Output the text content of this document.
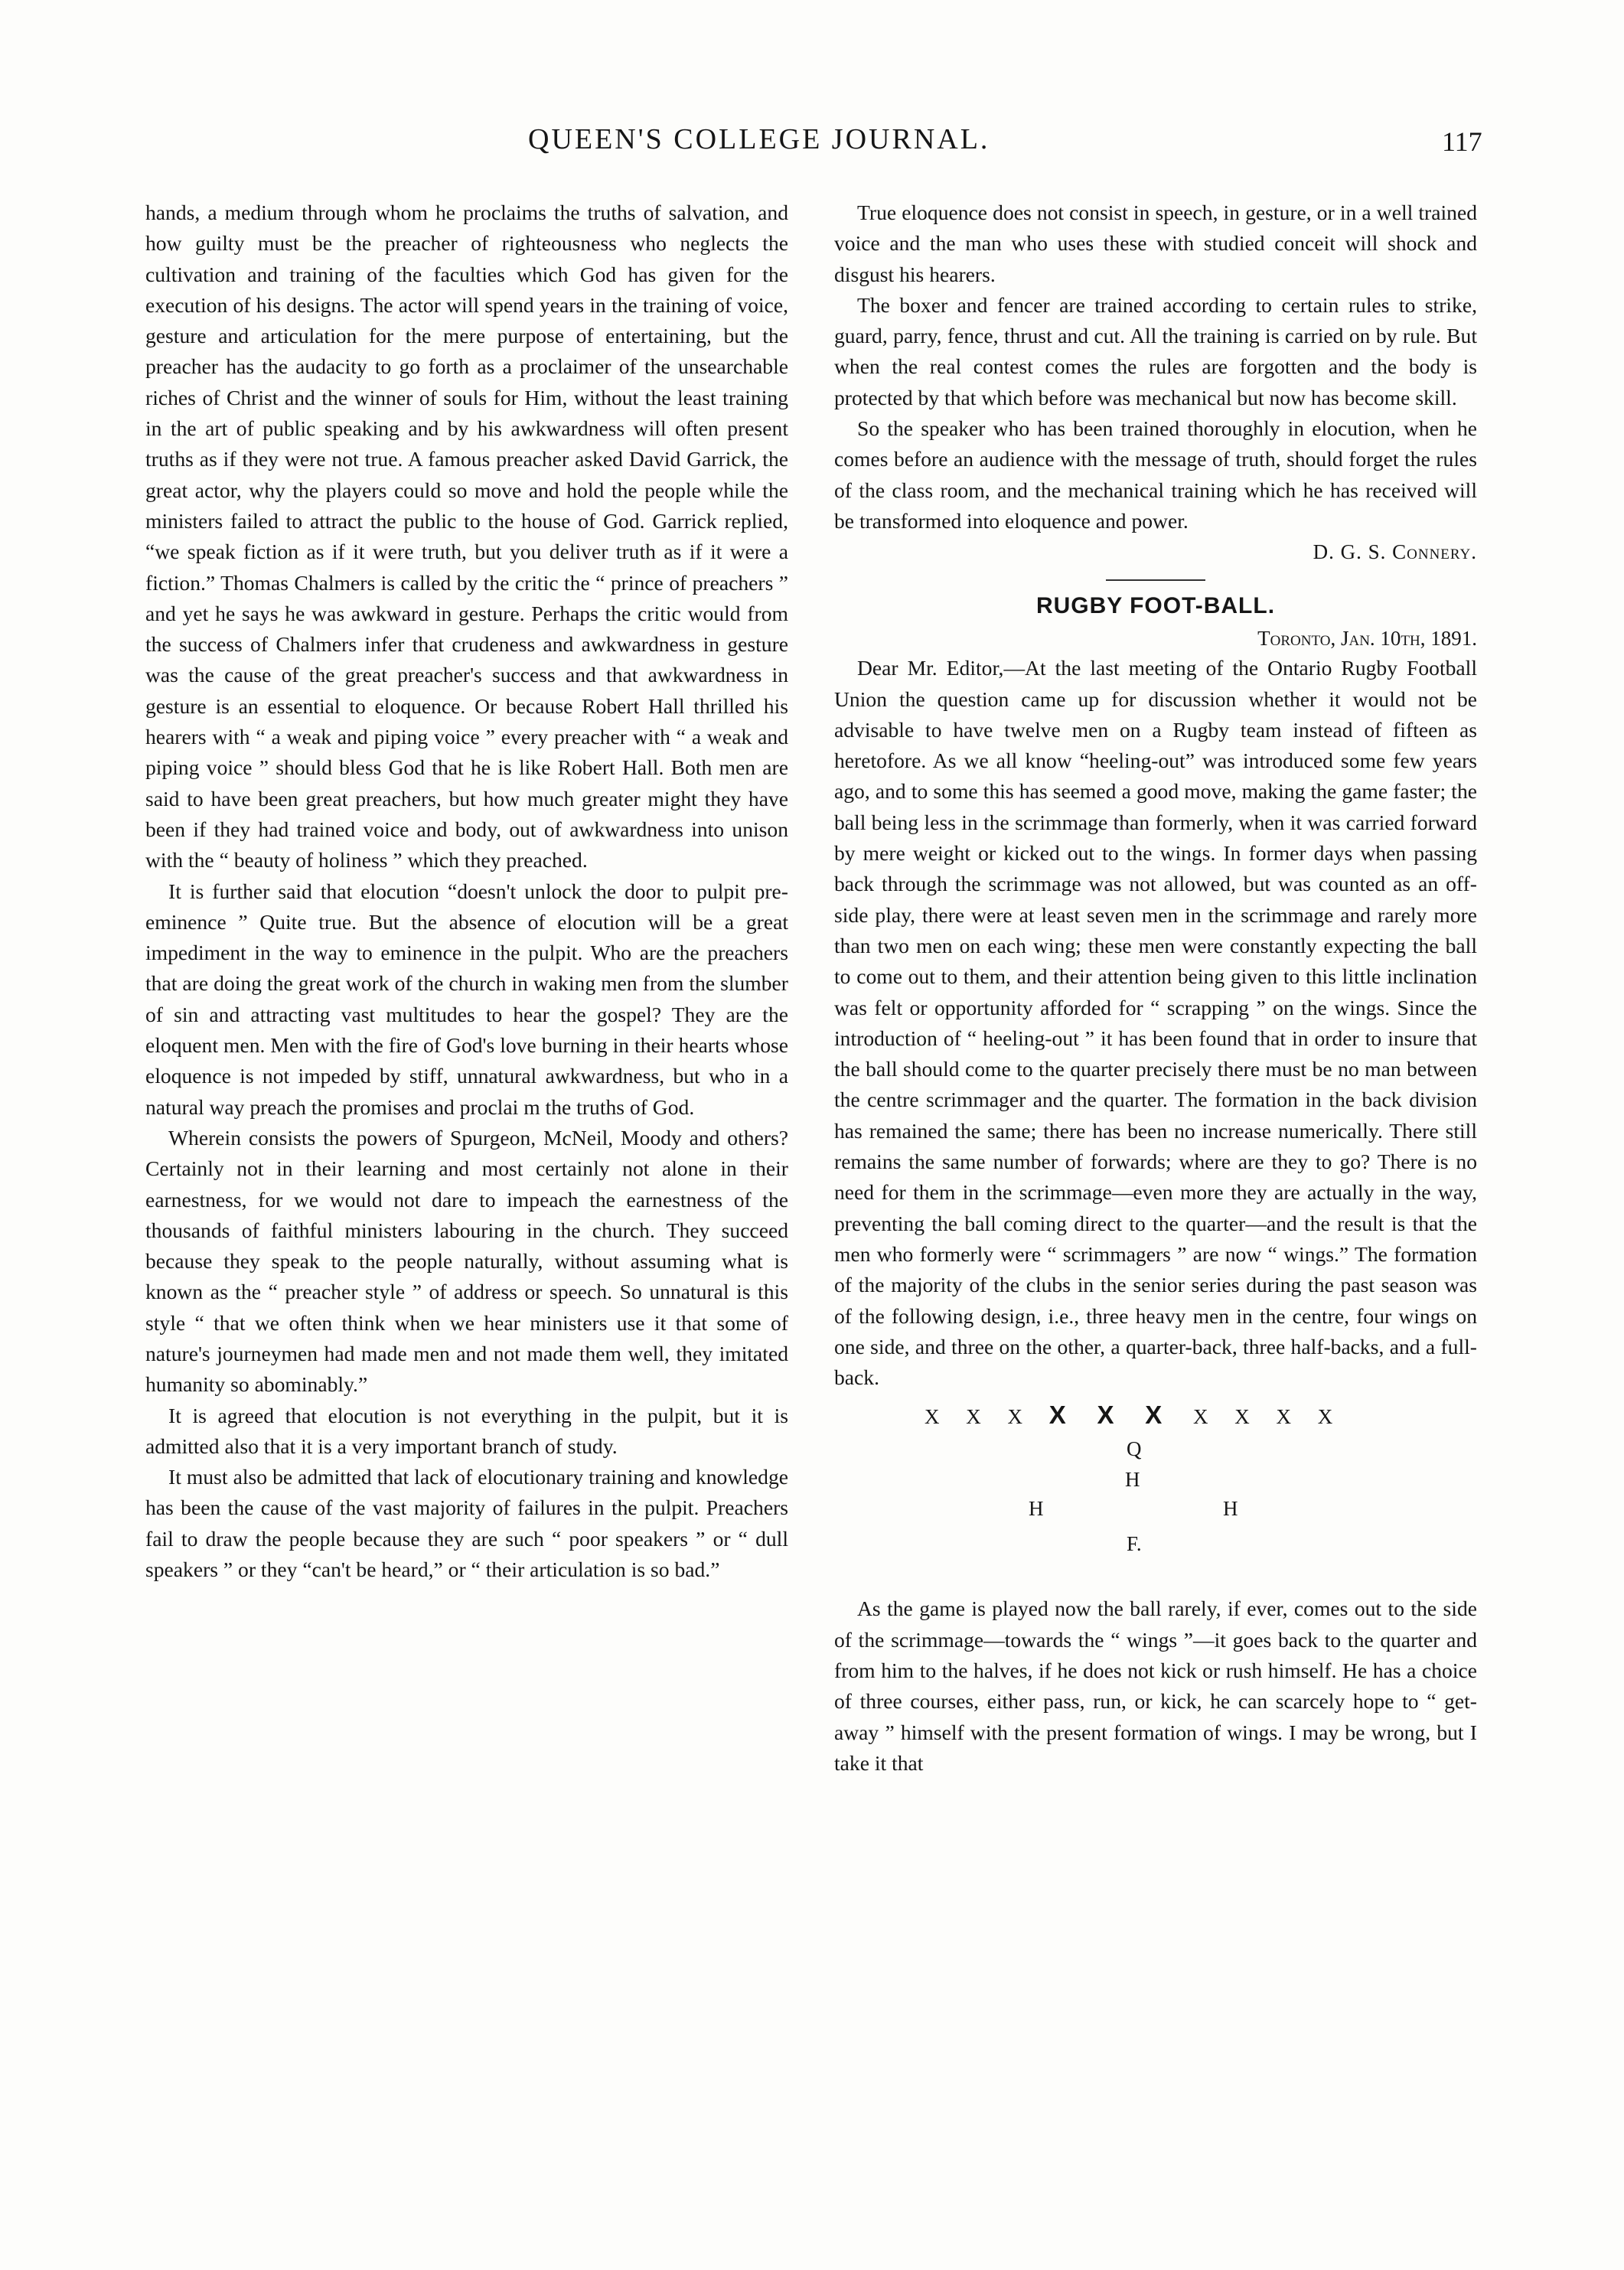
QUEEN'S COLLEGE JOURNAL.	117

hands, a medium through whom he proclaims the truths of salvation, and how guilty must be the preacher of righteousness who neglects the cultivation and training of the faculties which God has given for the execution of his designs. The actor will spend years in the training of voice, gesture and articulation for the mere purpose of entertaining, but the preacher has the audacity to go forth as a proclaimer of the unsearchable riches of Christ and the winner of souls for Him, without the least training in the art of public speaking and by his awkwardness will often present truths as if they were not true. A famous preacher asked David Garrick, the great actor, why the players could so move and hold the people while the ministers failed to attract the public to the house of God. Garrick replied, “we speak fiction as if it were truth, but you deliver truth as if it were a fiction.” Thomas Chalmers is called by the critic the “ prince of preachers ” and yet he says he was awkward in gesture. Perhaps the critic would from the success of Chalmers infer that crudeness and awkwardness in gesture was the cause of the great preacher's success and that awkwardness in gesture is an essential to eloquence. Or because Robert Hall thrilled his hearers with “ a weak and piping voice ” every preacher with “ a weak and piping voice ” should bless God that he is like Robert Hall. Both men are said to have been great preachers, but how much greater might they have been if they had trained voice and body, out of awkwardness into unison with the “ beauty of holiness ” which they preached.

It is further said that elocution “doesn't unlock the door to pulpit pre-eminence ” Quite true. But the absence of elocution will be a great impediment in the way to eminence in the pulpit. Who are the preachers that are doing the great work of the church in waking men from the slumber of sin and attracting vast multitudes to hear the gospel? They are the eloquent men. Men with the fire of God's love burning in their hearts whose eloquence is not impeded by stiff, unnatural awkwardness, but who in a natural way preach the promises and proclai m the truths of God.

Wherein consists the powers of Spurgeon, McNeil, Moody and others? Certainly not in their learning and most certainly not alone in their earnestness, for we would not dare to impeach the earnestness of the thousands of faithful ministers labouring in the church. They succeed because they speak to the people naturally, without assuming what is known as the “ preacher style ” of address or speech. So unnatural is this style “ that we often think when we hear ministers use it that some of nature's journeymen had made men and not made them well, they imitated humanity so abominably.”

It is agreed that elocution is not everything in the pulpit, but it is admitted also that it is a very important branch of study.

It must also be admitted that lack of elocutionary training and knowledge has been the cause of the vast majority of failures in the pulpit. Preachers fail to draw the people because they are such “ poor speakers ” or “ dull speakers ” or they “can't be heard,” or “ their articulation is so bad.”

True eloquence does not consist in speech, in gesture, or in a well trained voice and the man who uses these with studied conceit will shock and disgust his hearers.

The boxer and fencer are trained according to certain rules to strike, guard, parry, fence, thrust and cut. All the training is carried on by rule. But when the real contest comes the rules are forgotten and the body is protected by that which before was mechanical but now has become skill.

So the speaker who has been trained thoroughly in elocution, when he comes before an audience with the message of truth, should forget the rules of the class room, and the mechanical training which he has received will be transformed into eloquence and power.

D. G. S. Connery.
RUGBY FOOT-BALL.
Toronto, Jan. 10th, 1891.

Dear Mr. Editor,—At the last meeting of the Ontario Rugby Football Union the question came up for discussion whether it would not be advisable to have twelve men on a Rugby team instead of fifteen as heretofore. As we all know “heeling-out” was introduced some few years ago, and to some this has seemed a good move, making the game faster; the ball being less in the scrimmage than formerly, when it was carried forward by mere weight or kicked out to the wings. In former days when passing back through the scrimmage was not allowed, but was counted as an off-side play, there were at least seven men in the scrimmage and rarely more than two men on each wing; these men were constantly expecting the ball to come out to them, and their attention being given to this little inclination was felt or opportunity afforded for “ scrapping ” on the wings. Since the introduction of “ heeling-out ” it has been found that in order to insure that the ball should come to the quarter precisely there must be no man between the centre scrimmager and the quarter. The formation in the back division has remained the same; there has been no increase numerically. There still remains the same number of forwards; where are they to go? There is no need for them in the scrimmage—even more they are actually in the way, preventing the ball coming direct to the quarter—and the result is that the men who formerly were “ scrimmagers ” are now “ wings.” The formation of the majority of the clubs in the senior series during the past season was of the following design, i.e., three heavy men in the centre, four wings on one side, and three on the other, a quarter-back, three half-backs, and a full-back.

X X X X X X X X X X
Q
H
H	H
F.

As the game is played now the ball rarely, if ever, comes out to the side of the scrimmage—towards the “ wings ”—it goes back to the quarter and from him to the halves, if he does not kick or rush himself. He has a choice of three courses, either pass, run, or kick, he can scarcely hope to “ get-away ” himself with the present formation of wings. I may be wrong, but I take it that
